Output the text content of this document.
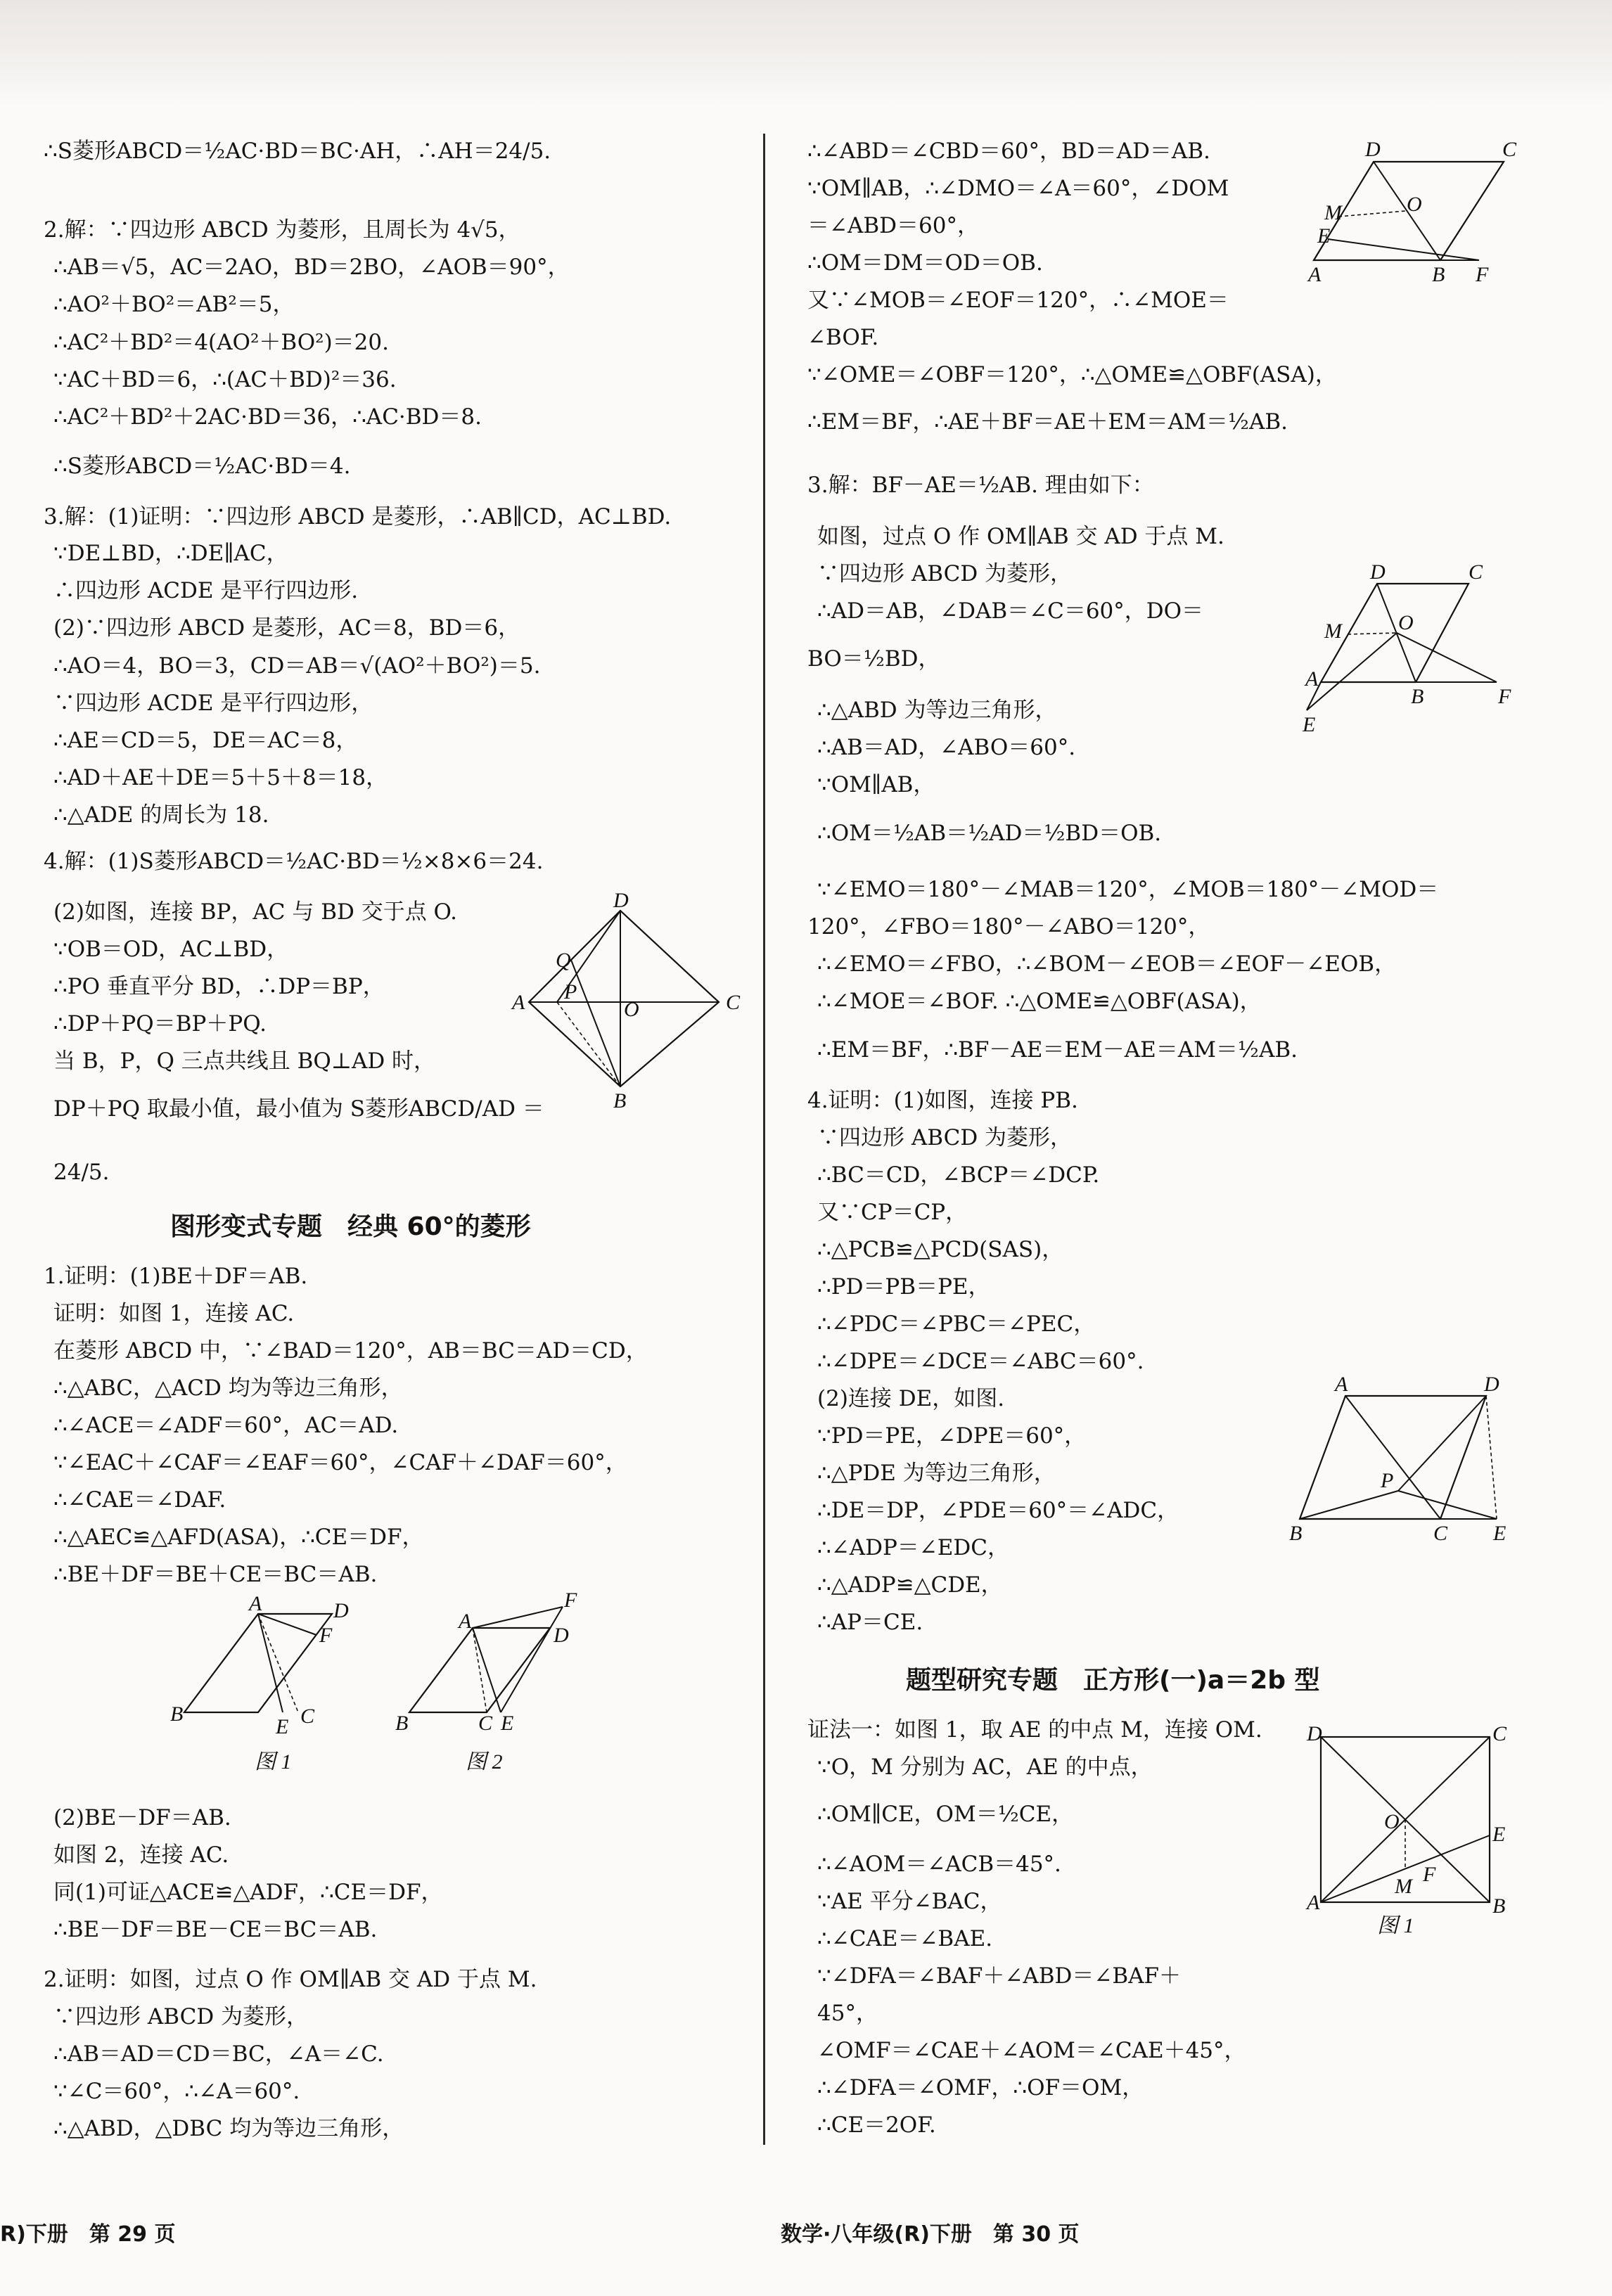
∴S菱形ABCD＝½AC·BD＝BC·AH，∴AH＝24/5.
2.解：∵四边形 ABCD 为菱形，且周长为 4√5，
∴AB＝√5，AC＝2AO，BD＝2BO，∠AOB＝90°，
∴AO²＋BO²＝AB²＝5，
∴AC²＋BD²＝4(AO²＋BO²)＝20.
∵AC＋BD＝6，∴(AC＋BD)²＝36.
∴AC²＋BD²＋2AC·BD＝36，∴AC·BD＝8.
∴S菱形ABCD＝½AC·BD＝4.
3.解：(1)证明：∵四边形 ABCD 是菱形，∴AB∥CD，AC⊥BD.
∵DE⊥BD，∴DE∥AC，
∴四边形 ACDE 是平行四边形.
(2)∵四边形 ABCD 是菱形，AC＝8，BD＝6，
∴AO＝4，BO＝3，CD＝AB＝√(AO²＋BO²)＝5.
∵四边形 ACDE 是平行四边形，
∴AE＝CD＝5，DE＝AC＝8，
∴AD＋AE＋DE＝5＋5＋8＝18，
∴△ADE 的周长为 18.
4.解：(1)S菱形ABCD＝½AC·BD＝½×8×6＝24.
(2)如图，连接 BP，AC 与 BD 交于点 O.
∵OB＝OD，AC⊥BD，
∴PO 垂直平分 BD，∴DP＝BP，
∴DP＋PQ＝BP＋PQ.
当 B，P，Q 三点共线且 BQ⊥AD 时，
DP＋PQ 取最小值，最小值为 S菱形ABCD/AD ＝
24/5.
A	C
D
B
Q
P
O
图形变式专题　经典 60°的菱形
1.证明：(1)BE＋DF＝AB.
证明：如图 1，连接 AC.
在菱形 ABCD 中，∵∠BAD＝120°，AB＝BC＝AD＝CD，
∴△ABC，△ACD 均为等边三角形，
∴∠ACE＝∠ADF＝60°，AC＝AD.
∵∠EAC＋∠CAF＝∠EAF＝60°，∠CAF＋∠DAF＝60°，
∴∠CAE＝∠DAF.
∴△AEC≌△AFD(ASA)，∴CE＝DF，
∴BE＋DF＝BE＋CE＝BC＝AB.
B
A	D
F
E C
图 1
B
A
D
F
E
C
图 2
(2)BE－DF＝AB.
如图 2，连接 AC.
同(1)可证△ACE≌△ADF，∴CE＝DF，
∴BE－DF＝BE－CE＝BC＝AB.
2.证明：如图，过点 O 作 OM∥AB 交 AD 于点 M.
∵四边形 ABCD 为菱形，
∴AB＝AD＝CD＝BC，∠A＝∠C.
∵∠C＝60°，∴∠A＝60°.
∴△ABD，△DBC 均为等边三角形，
∴∠ABD＝∠CBD＝60°，BD＝AD＝AB.
∵OM∥AB，∴∠DMO＝∠A＝60°，∠DOM
＝∠ABD＝60°，
∴OM＝DM＝OD＝OB.
又∵∠MOB＝∠EOF＝120°，∴∠MOE＝
∠BOF.
∵∠OME＝∠OBF＝120°，∴△OME≌△OBF(ASA)，
∴EM＝BF，∴AE＋BF＝AE＋EM＝AM＝½AB.
A
D	C
B F
E
M	O
3.解：BF－AE＝½AB. 理由如下：
如图，过点 O 作 OM∥AB 交 AD 于点 M.
∵四边形 ABCD 为菱形，
∴AD＝AB，∠DAB＝∠C＝60°，DO＝
BO＝½BD，
∴△ABD 为等边三角形，
∴AB＝AD，∠ABO＝60°.
∵OM∥AB，
∴OM＝½AB＝½AD＝½BD＝OB.
∵∠EMO＝180°－∠MAB＝120°，∠MOB＝180°－∠MOD＝
120°，∠FBO＝180°－∠ABO＝120°，
∴∠EMO＝∠FBO，∴∠BOM－∠EOB＝∠EOF－∠EOB，
∴∠MOE＝∠BOF. ∴△OME≌△OBF(ASA)，
∴EM＝BF，∴BF－AE＝EM－AE＝AM＝½AB.
A
D	C
B	F
E
M	O
4.证明：(1)如图，连接 PB.
∵四边形 ABCD 为菱形，
∴BC＝CD，∠BCP＝∠DCP.
又∵CP＝CP，
∴△PCB≌△PCD(SAS)，
∴PD＝PB＝PE，
∴∠PDC＝∠PBC＝∠PEC，
∴∠DPE＝∠DCE＝∠ABC＝60°.
(2)连接 DE，如图.
∵PD＝PE，∠DPE＝60°，
∴△PDE 为等边三角形，
∴DE＝DP，∠PDE＝60°＝∠ADC，
∴∠ADP＝∠EDC，
∴△ADP≌△CDE，
∴AP＝CE.
A	D
B	C E
P
题型研究专题　正方形(一)a＝2b 型
证法一：如图 1，取 AE 的中点 M，连接 OM.
∵O，M 分别为 AC，AE 的中点，
∴OM∥CE，OM＝½CE，
∴∠AOM＝∠ACB＝45°.
∵AE 平分∠BAC，
∴∠CAE＝∠BAE.
∵∠DFA＝∠BAF＋∠ABD＝∠BAF＋
45°，
∠OMF＝∠CAE＋∠AOM＝∠CAE＋45°，
∴∠DFA＝∠OMF，∴OF＝OM，
∴CE＝2OF.
A
D	C
B
E
O
M
F
图 1
R)下册　第 29 页	数学·八年级(R)下册　第 30 页
